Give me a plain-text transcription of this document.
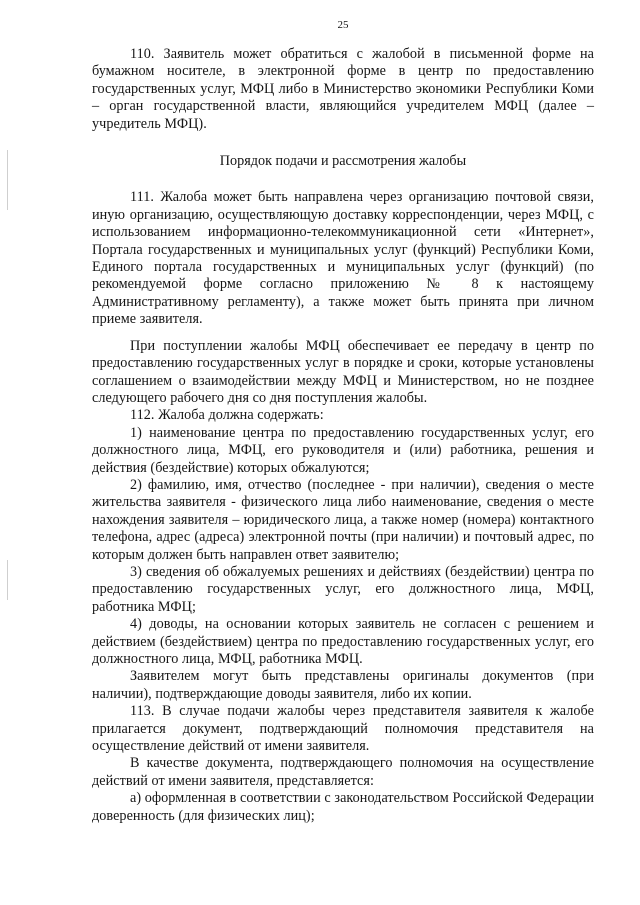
25

110. Заявитель может обратиться с жалобой в письменной форме на бумажном носителе, в электронной форме в центр по предоставлению государственных услуг, МФЦ либо в Министерство экономики Республики Коми – орган государственной власти, являющийся учредителем МФЦ (далее – учредитель МФЦ).

Порядок подачи и рассмотрения жалобы

111. Жалоба может быть направлена через организацию почтовой связи, иную организацию, осуществляющую доставку корреспонденции, через МФЦ, с использованием информационно-телекоммуникационной сети «Интернет», Портала государственных и муниципальных услуг (функций) Республики Коми, Единого портала государственных и муниципальных услуг (функций) (по рекомендуемой форме согласно приложению № 8 к настоящему Административному регламенту), а также может быть принята при личном приеме заявителя.

При поступлении жалобы МФЦ обеспечивает ее передачу в центр по предоставлению государственных услуг в порядке и сроки, которые установлены соглашением о взаимодействии между МФЦ и Министерством, но не позднее следующего рабочего дня со дня поступления жалобы.

112. Жалоба должна содержать:

1) наименование центра по предоставлению государственных услуг, его должностного лица, МФЦ, его руководителя и (или) работника, решения и действия (бездействие) которых обжалуются;

2) фамилию, имя, отчество (последнее - при наличии), сведения о месте жительства заявителя - физического лица либо наименование, сведения о месте нахождения заявителя – юридического лица, а также номер (номера) контактного телефона, адрес (адреса) электронной почты (при наличии) и почтовый адрес, по которым должен быть направлен ответ заявителю;

3) сведения об обжалуемых решениях и действиях (бездействии) центра по предоставлению государственных услуг, его должностного лица, МФЦ, работника МФЦ;

4) доводы, на основании которых заявитель не согласен с решением и действием (бездействием) центра по предоставлению государственных услуг, его должностного лица, МФЦ, работника МФЦ.

Заявителем могут быть представлены оригиналы документов (при наличии), подтверждающие доводы заявителя, либо их копии.

113. В случае подачи жалобы через представителя заявителя к жалобе прилагается документ, подтверждающий полномочия представителя на осуществление действий от имени заявителя.

В качестве документа, подтверждающего полномочия на осуществление действий от имени заявителя, представляется:

а) оформленная в соответствии с законодательством Российской Федерации доверенность (для физических лиц);
